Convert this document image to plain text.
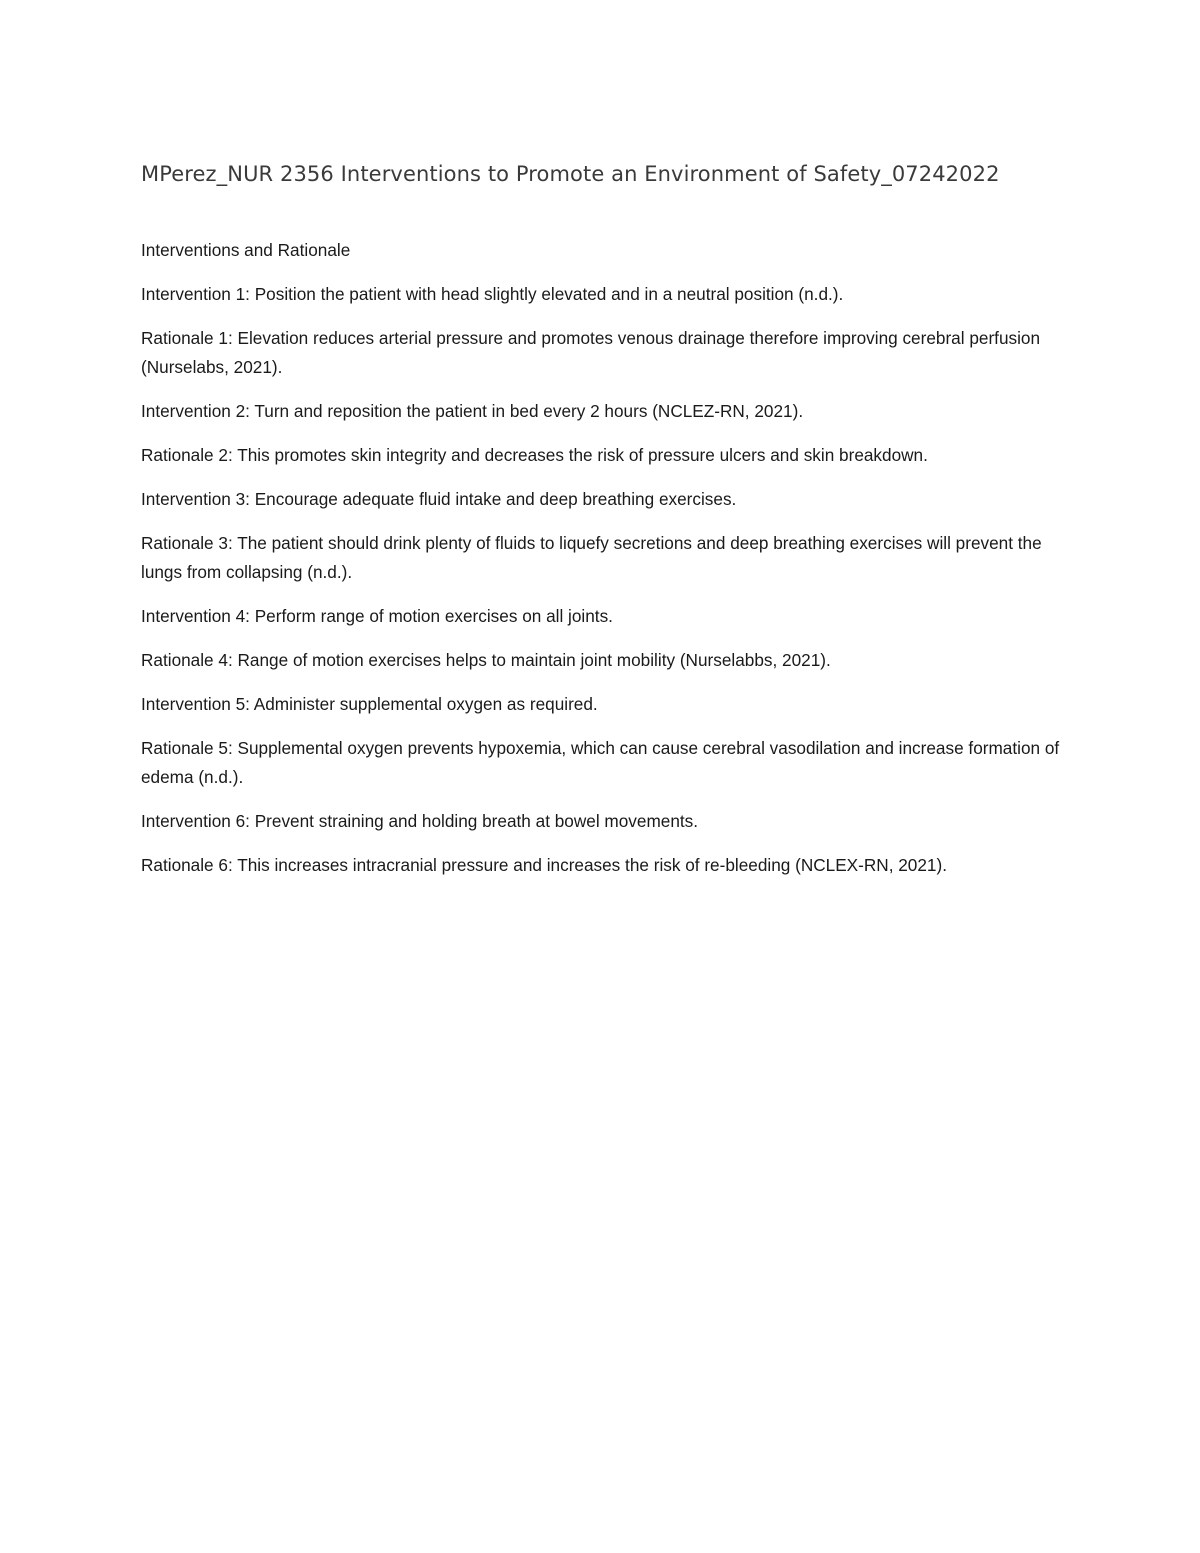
MPerez_NUR 2356 Interventions to Promote an Environment of Safety_07242022

Interventions and Rationale

Intervention 1: Position the patient with head slightly elevated and in a neutral position (n.d.).

Rationale 1: Elevation reduces arterial pressure and promotes venous drainage therefore improving cerebral perfusion (Nurselabs, 2021).

Intervention 2: Turn and reposition the patient in bed every 2 hours (NCLEZ-RN, 2021).

Rationale 2: This promotes skin integrity and decreases the risk of pressure ulcers and skin breakdown.

Intervention 3: Encourage adequate fluid intake and deep breathing exercises.

Rationale 3: The patient should drink plenty of fluids to liquefy secretions and deep breathing exercises will prevent the lungs from collapsing (n.d.).

Intervention 4: Perform range of motion exercises on all joints.

Rationale 4: Range of motion exercises helps to maintain joint mobility (Nurselabbs, 2021).

Intervention 5: Administer supplemental oxygen as required.

Rationale 5: Supplemental oxygen prevents hypoxemia, which can cause cerebral vasodilation and increase formation of edema (n.d.).

Intervention 6: Prevent straining and holding breath at bowel movements.

Rationale 6: This increases intracranial pressure and increases the risk of re-bleeding (NCLEX-RN, 2021).
